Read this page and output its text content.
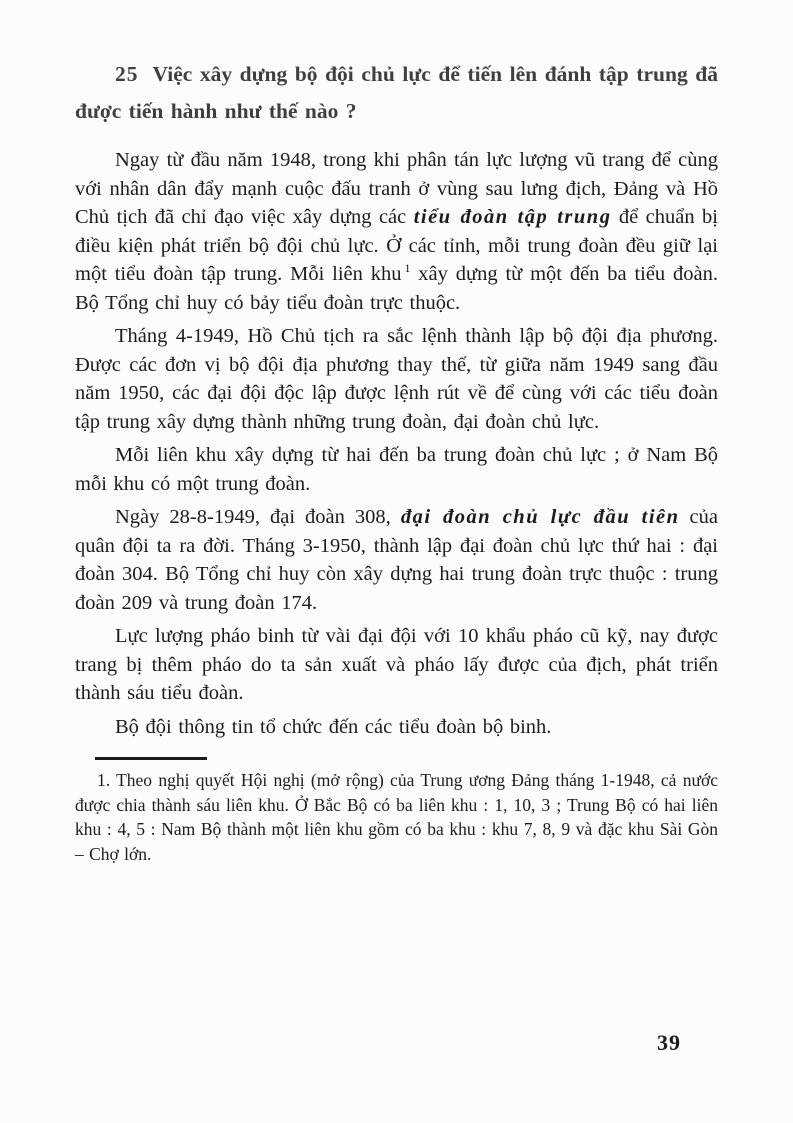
25 Việc xây dựng bộ đội chủ lực để tiến lên đánh tập trung đã được tiến hành như thế nào ?

Ngay từ đầu năm 1948, trong khi phân tán lực lượng vũ trang để cùng với nhân dân đẩy mạnh cuộc đấu tranh ở vùng sau lưng địch, Đảng và Hồ Chủ tịch đã chỉ đạo việc xây dựng các tiểu đoàn tập trung để chuẩn bị điều kiện phát triển bộ đội chủ lực. Ở các tỉnh, mỗi trung đoàn đều giữ lại một tiểu đoàn tập trung. Mỗi liên khu $^1$ xây dựng từ một đến ba tiểu đoàn. Bộ Tổng chỉ huy có bảy tiểu đoàn trực thuộc.

Tháng 4-1949, Hồ Chủ tịch ra sắc lệnh thành lập bộ đội địa phương. Được các đơn vị bộ đội địa phương thay thế, từ giữa năm 1949 sang đầu năm 1950, các đại đội độc lập được lệnh rút về để cùng với các tiểu đoàn tập trung xây dựng thành những trung đoàn, đại đoàn chủ lực.

Mỗi liên khu xây dựng từ hai đến ba trung đoàn chủ lực ; ở Nam Bộ mỗi khu có một trung đoàn.

Ngày 28-8-1949, đại đoàn 308, đại đoàn chủ lực đầu tiên của quân đội ta ra đời. Tháng 3-1950, thành lập đại đoàn chủ lực thứ hai : đại đoàn 304. Bộ Tổng chỉ huy còn xây dựng hai trung đoàn trực thuộc : trung đoàn 209 và trung đoàn 174.

Lực lượng pháo binh từ vài đại đội với 10 khẩu pháo cũ kỹ, nay được trang bị thêm pháo do ta sản xuất và pháo lấy được của địch, phát triển thành sáu tiểu đoàn.

Bộ đội thông tin tổ chức đến các tiểu đoàn bộ binh.

1. Theo nghị quyết Hội nghị (mở rộng) của Trung ương Đảng tháng 1-1948, cả nước được chia thành sáu liên khu. Ở Bắc Bộ có ba liên khu : 1, 10, 3 ; Trung Bộ có hai liên khu : 4, 5 : Nam Bộ thành một liên khu gồm có ba khu : khu 7, 8, 9 và đặc khu Sài Gòn – Chợ lớn.

39
